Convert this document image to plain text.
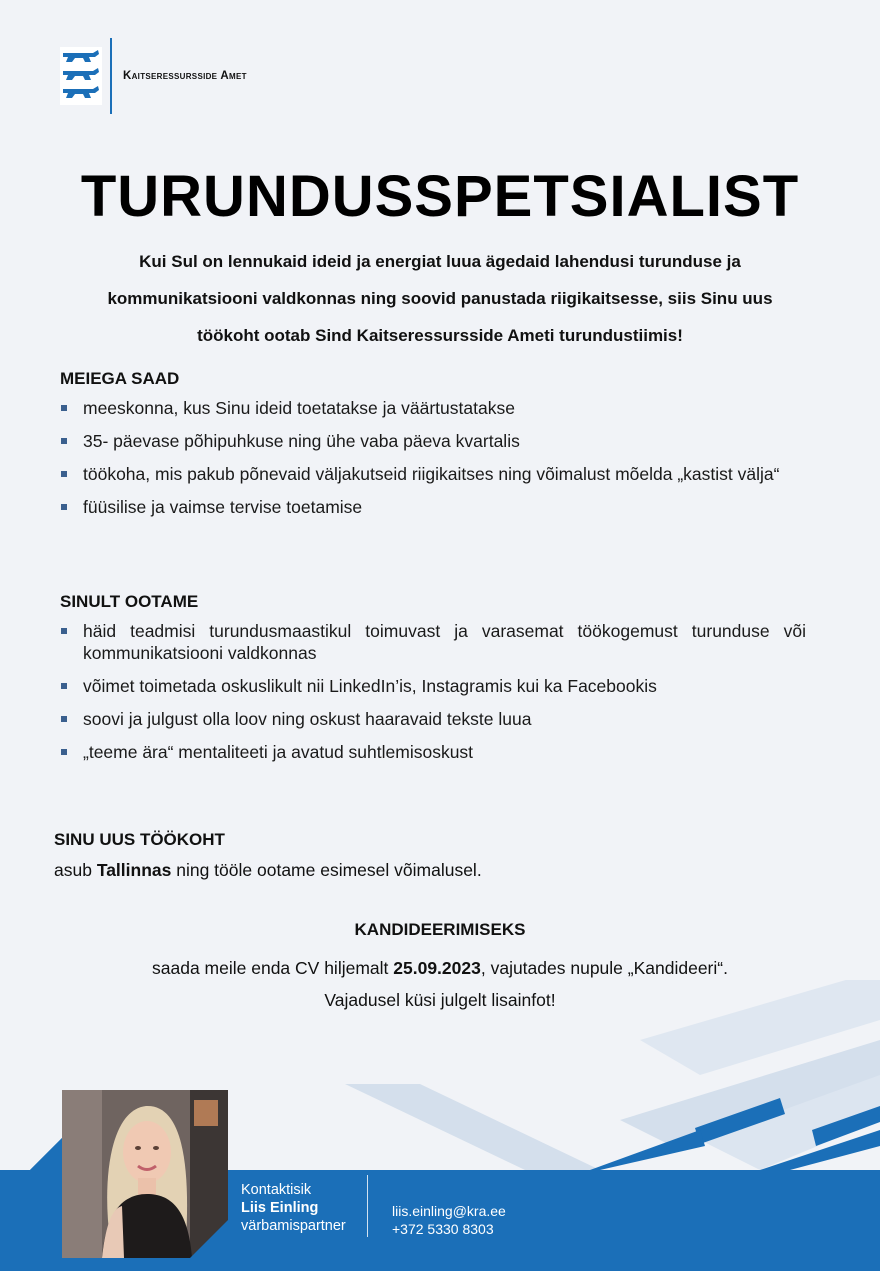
Kaitseressursside Amet
TURUNDUSSPETSIALIST
Kui Sul on lennukaid ideid ja energiat luua ägedaid lahendusi turunduse ja
kommunikatsiooni valdkonnas ning soovid panustada riigikaitsesse, siis Sinu uus
töökoht ootab Sind Kaitseressursside Ameti turundustiimis!
MEIEGA SAAD
meeskonna, kus Sinu ideid toetatakse ja väärtustatakse
35- päevase põhipuhkuse ning ühe vaba päeva kvartalis
töökoha, mis pakub põnevaid väljakutseid riigikaitses ning võimalust mõelda „kastist välja“
füüsilise ja vaimse tervise toetamise
SINULT OOTAME
häid teadmisi turundusmaastikul toimuvast ja varasemat töökogemust turunduse või kommunikatsiooni valdkonnas
võimet toimetada oskuslikult nii LinkedIn’is, Instagramis kui ka Facebookis
soovi ja julgust olla loov ning oskust haaravaid tekste luua
„teeme ära“ mentaliteeti ja avatud suhtlemisoskust
SINU UUS TÖÖKOHT
asub Tallinnas ning tööle ootame esimesel võimalusel.
KANDIDEERIMISEKS
saada meile enda CV hiljemalt 25.09.2023, vajutades nupule „Kandideeri“.
Vajadusel küsi julgelt lisainfot!
Kontaktisik
Liis Einling
värbamispartner
liis.einling@kra.ee
+372 5330 8303
